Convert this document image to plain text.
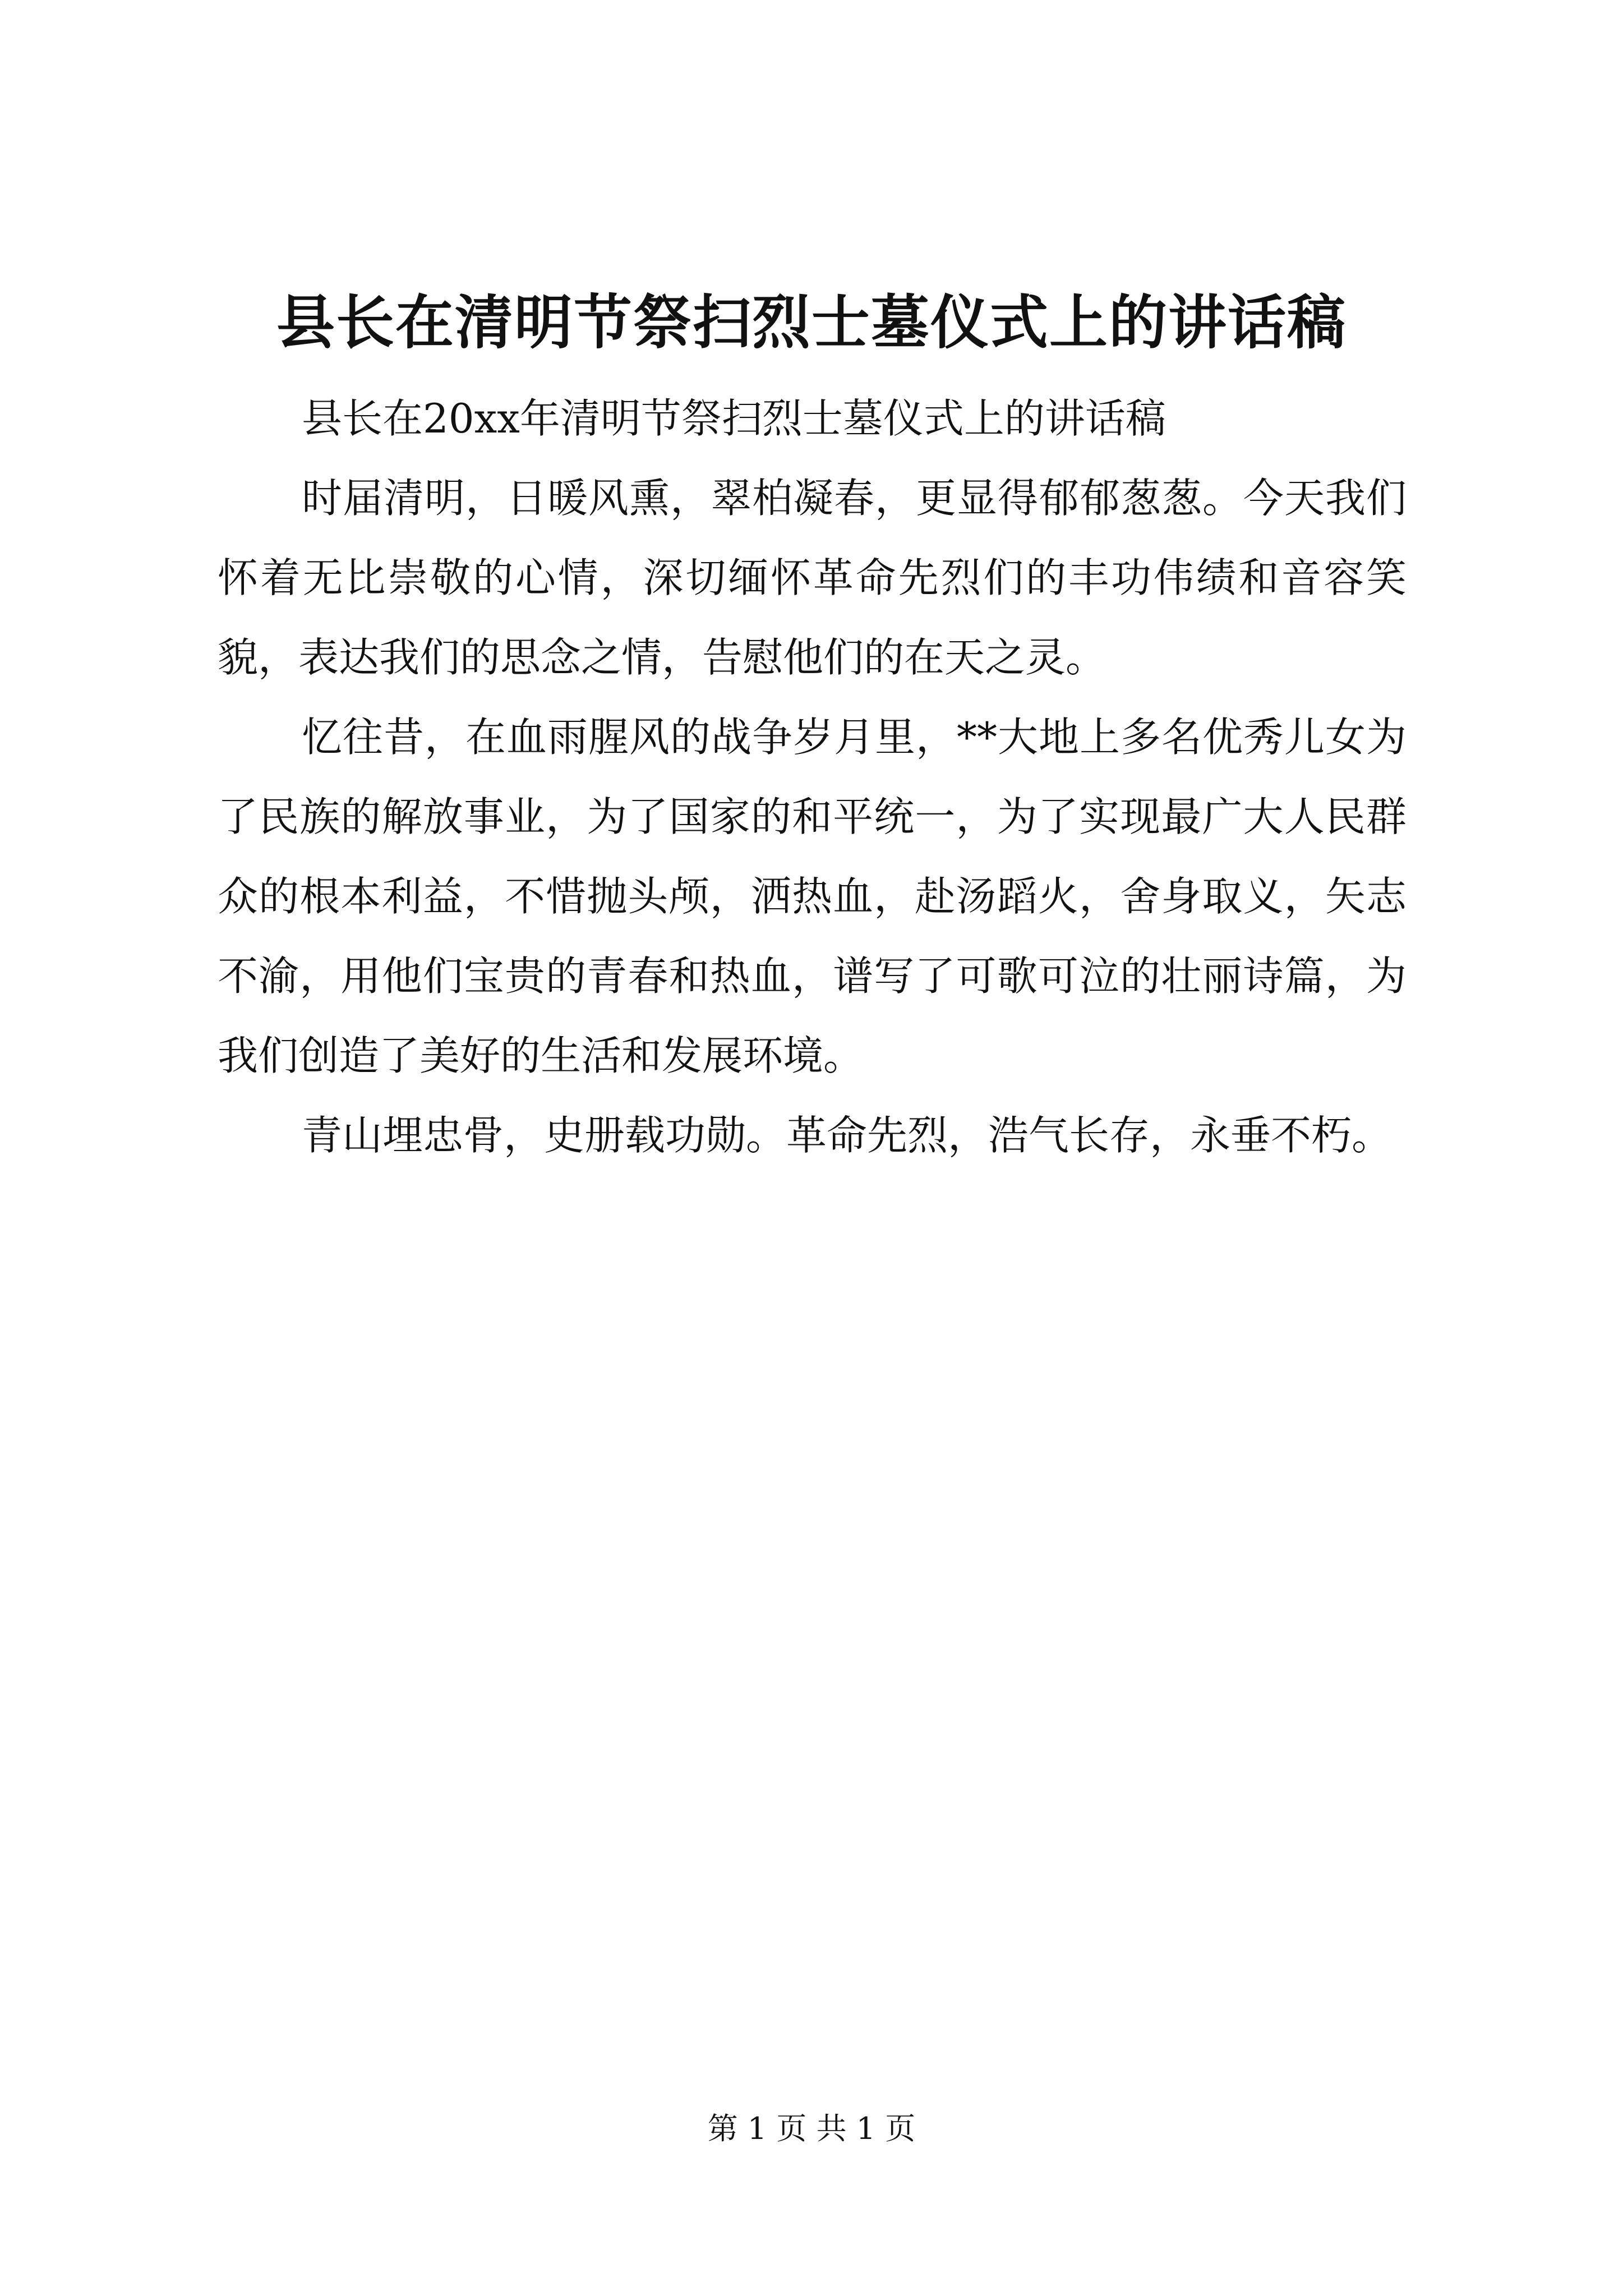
县长在清明节祭扫烈士墓仪式上的讲话稿

县长在20xx年清明节祭扫烈士墓仪式上的讲话稿

时届清明，日暖风熏，翠柏凝春，更显得郁郁葱葱。今天我们怀着无比崇敬的心情，深切缅怀革命先烈们的丰功伟绩和音容笑貌，表达我们的思念之情，告慰他们的在天之灵。

忆往昔，在血雨腥风的战争岁月里，**大地上多名优秀儿女为了民族的解放事业，为了国家的和平统一，为了实现最广大人民群众的根本利益，不惜抛头颅，洒热血，赴汤蹈火，舍身取义，矢志不渝，用他们宝贵的青春和热血，谱写了可歌可泣的壮丽诗篇，为我们创造了美好的生活和发展环境。

青山埋忠骨，史册载功勋。革命先烈，浩气长存，永垂不朽。

第 1 页 共 1 页
